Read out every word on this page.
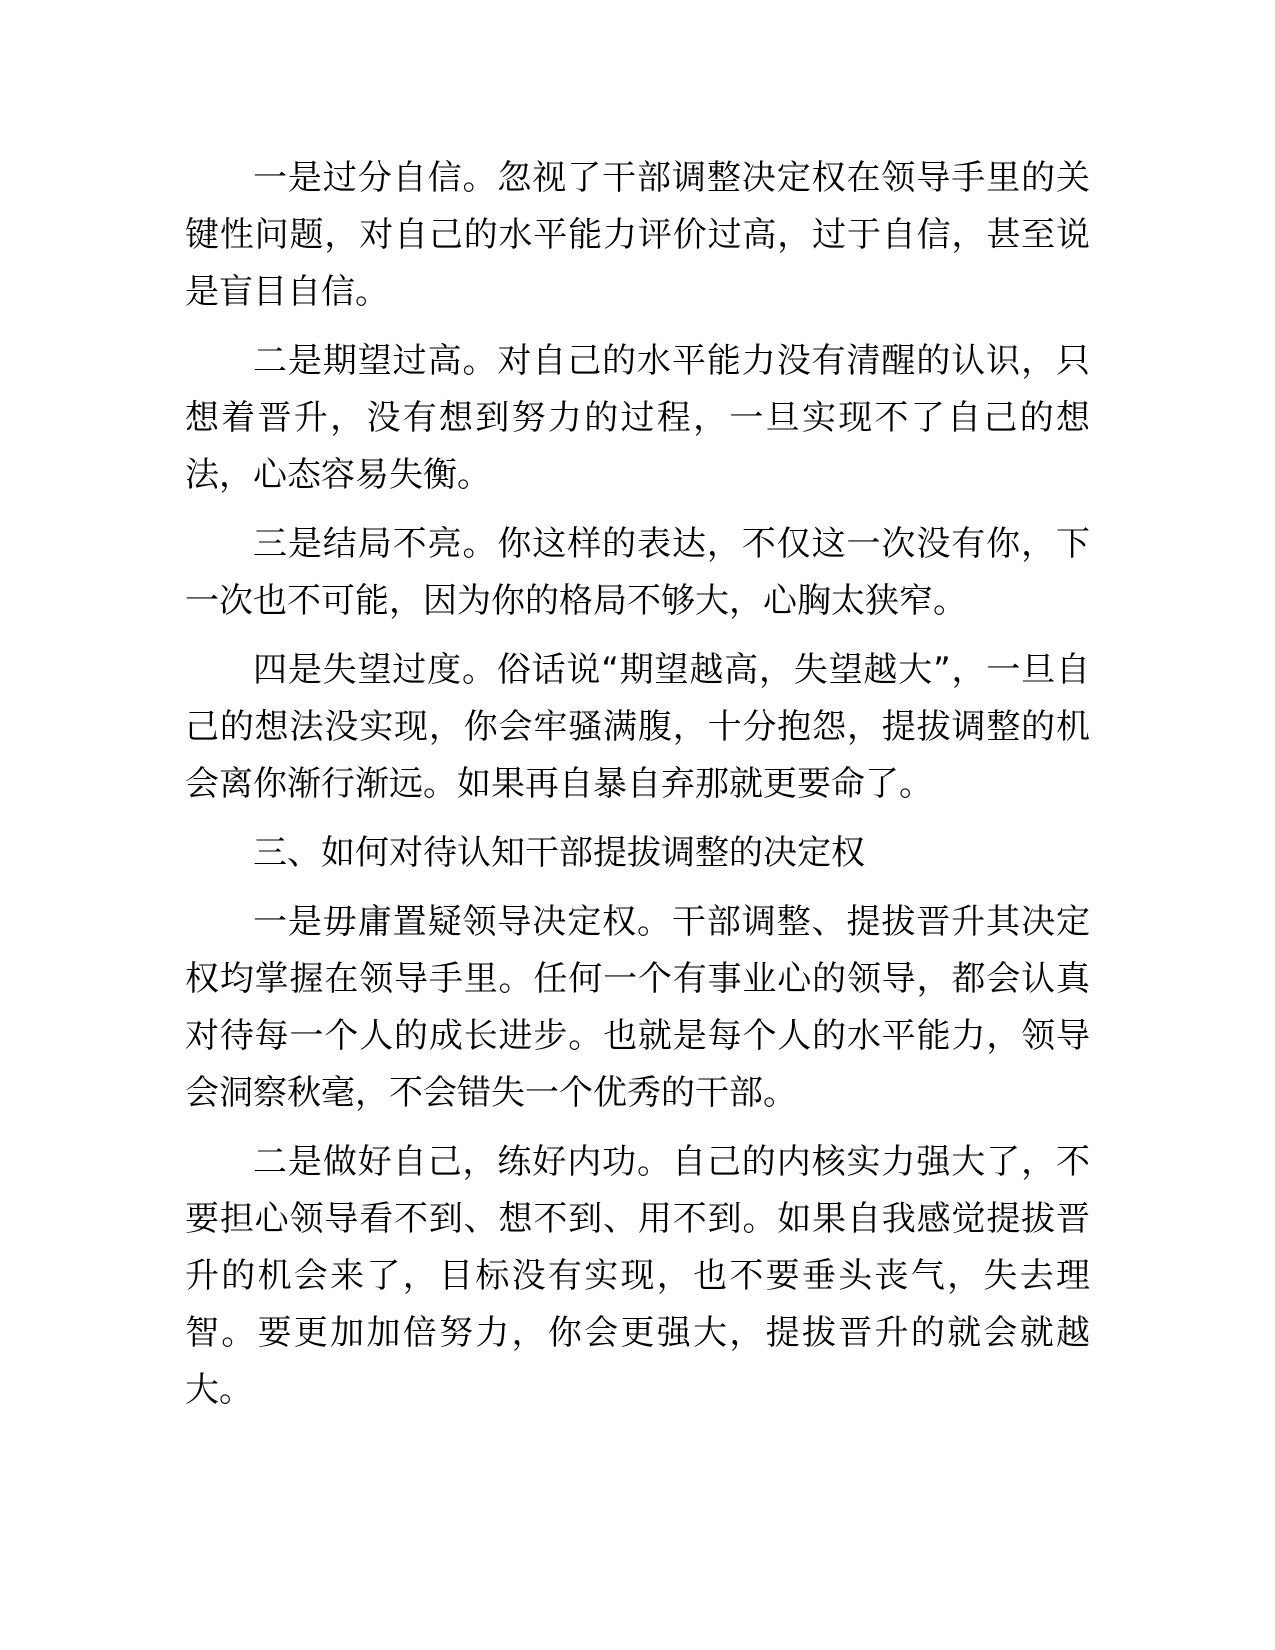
一是过分自信。忽视了干部调整决定权在领导手里的关键性问题，对自己的水平能力评价过高，过于自信，甚至说是盲目自信。

二是期望过高。对自己的水平能力没有清醒的认识，只想着晋升，没有想到努力的过程，一旦实现不了自己的想法，心态容易失衡。

三是结局不亮。你这样的表达，不仅这一次没有你，下一次也不可能，因为你的格局不够大，心胸太狭窄。

四是失望过度。俗话说“期望越高，失望越大”，一旦自己的想法没实现，你会牢骚满腹，十分抱怨，提拔调整的机会离你渐行渐远。如果再自暴自弃那就更要命了。

三、如何对待认知干部提拔调整的决定权

一是毋庸置疑领导决定权。干部调整、提拔晋升其决定权均掌握在领导手里。任何一个有事业心的领导，都会认真对待每一个人的成长进步。也就是每个人的水平能力，领导会洞察秋毫，不会错失一个优秀的干部。

二是做好自己，练好内功。自己的内核实力强大了，不要担心领导看不到、想不到、用不到。如果自我感觉提拔晋升的机会来了，目标没有实现，也不要垂头丧气，失去理智。要更加加倍努力，你会更强大，提拔晋升的就会就越大。
